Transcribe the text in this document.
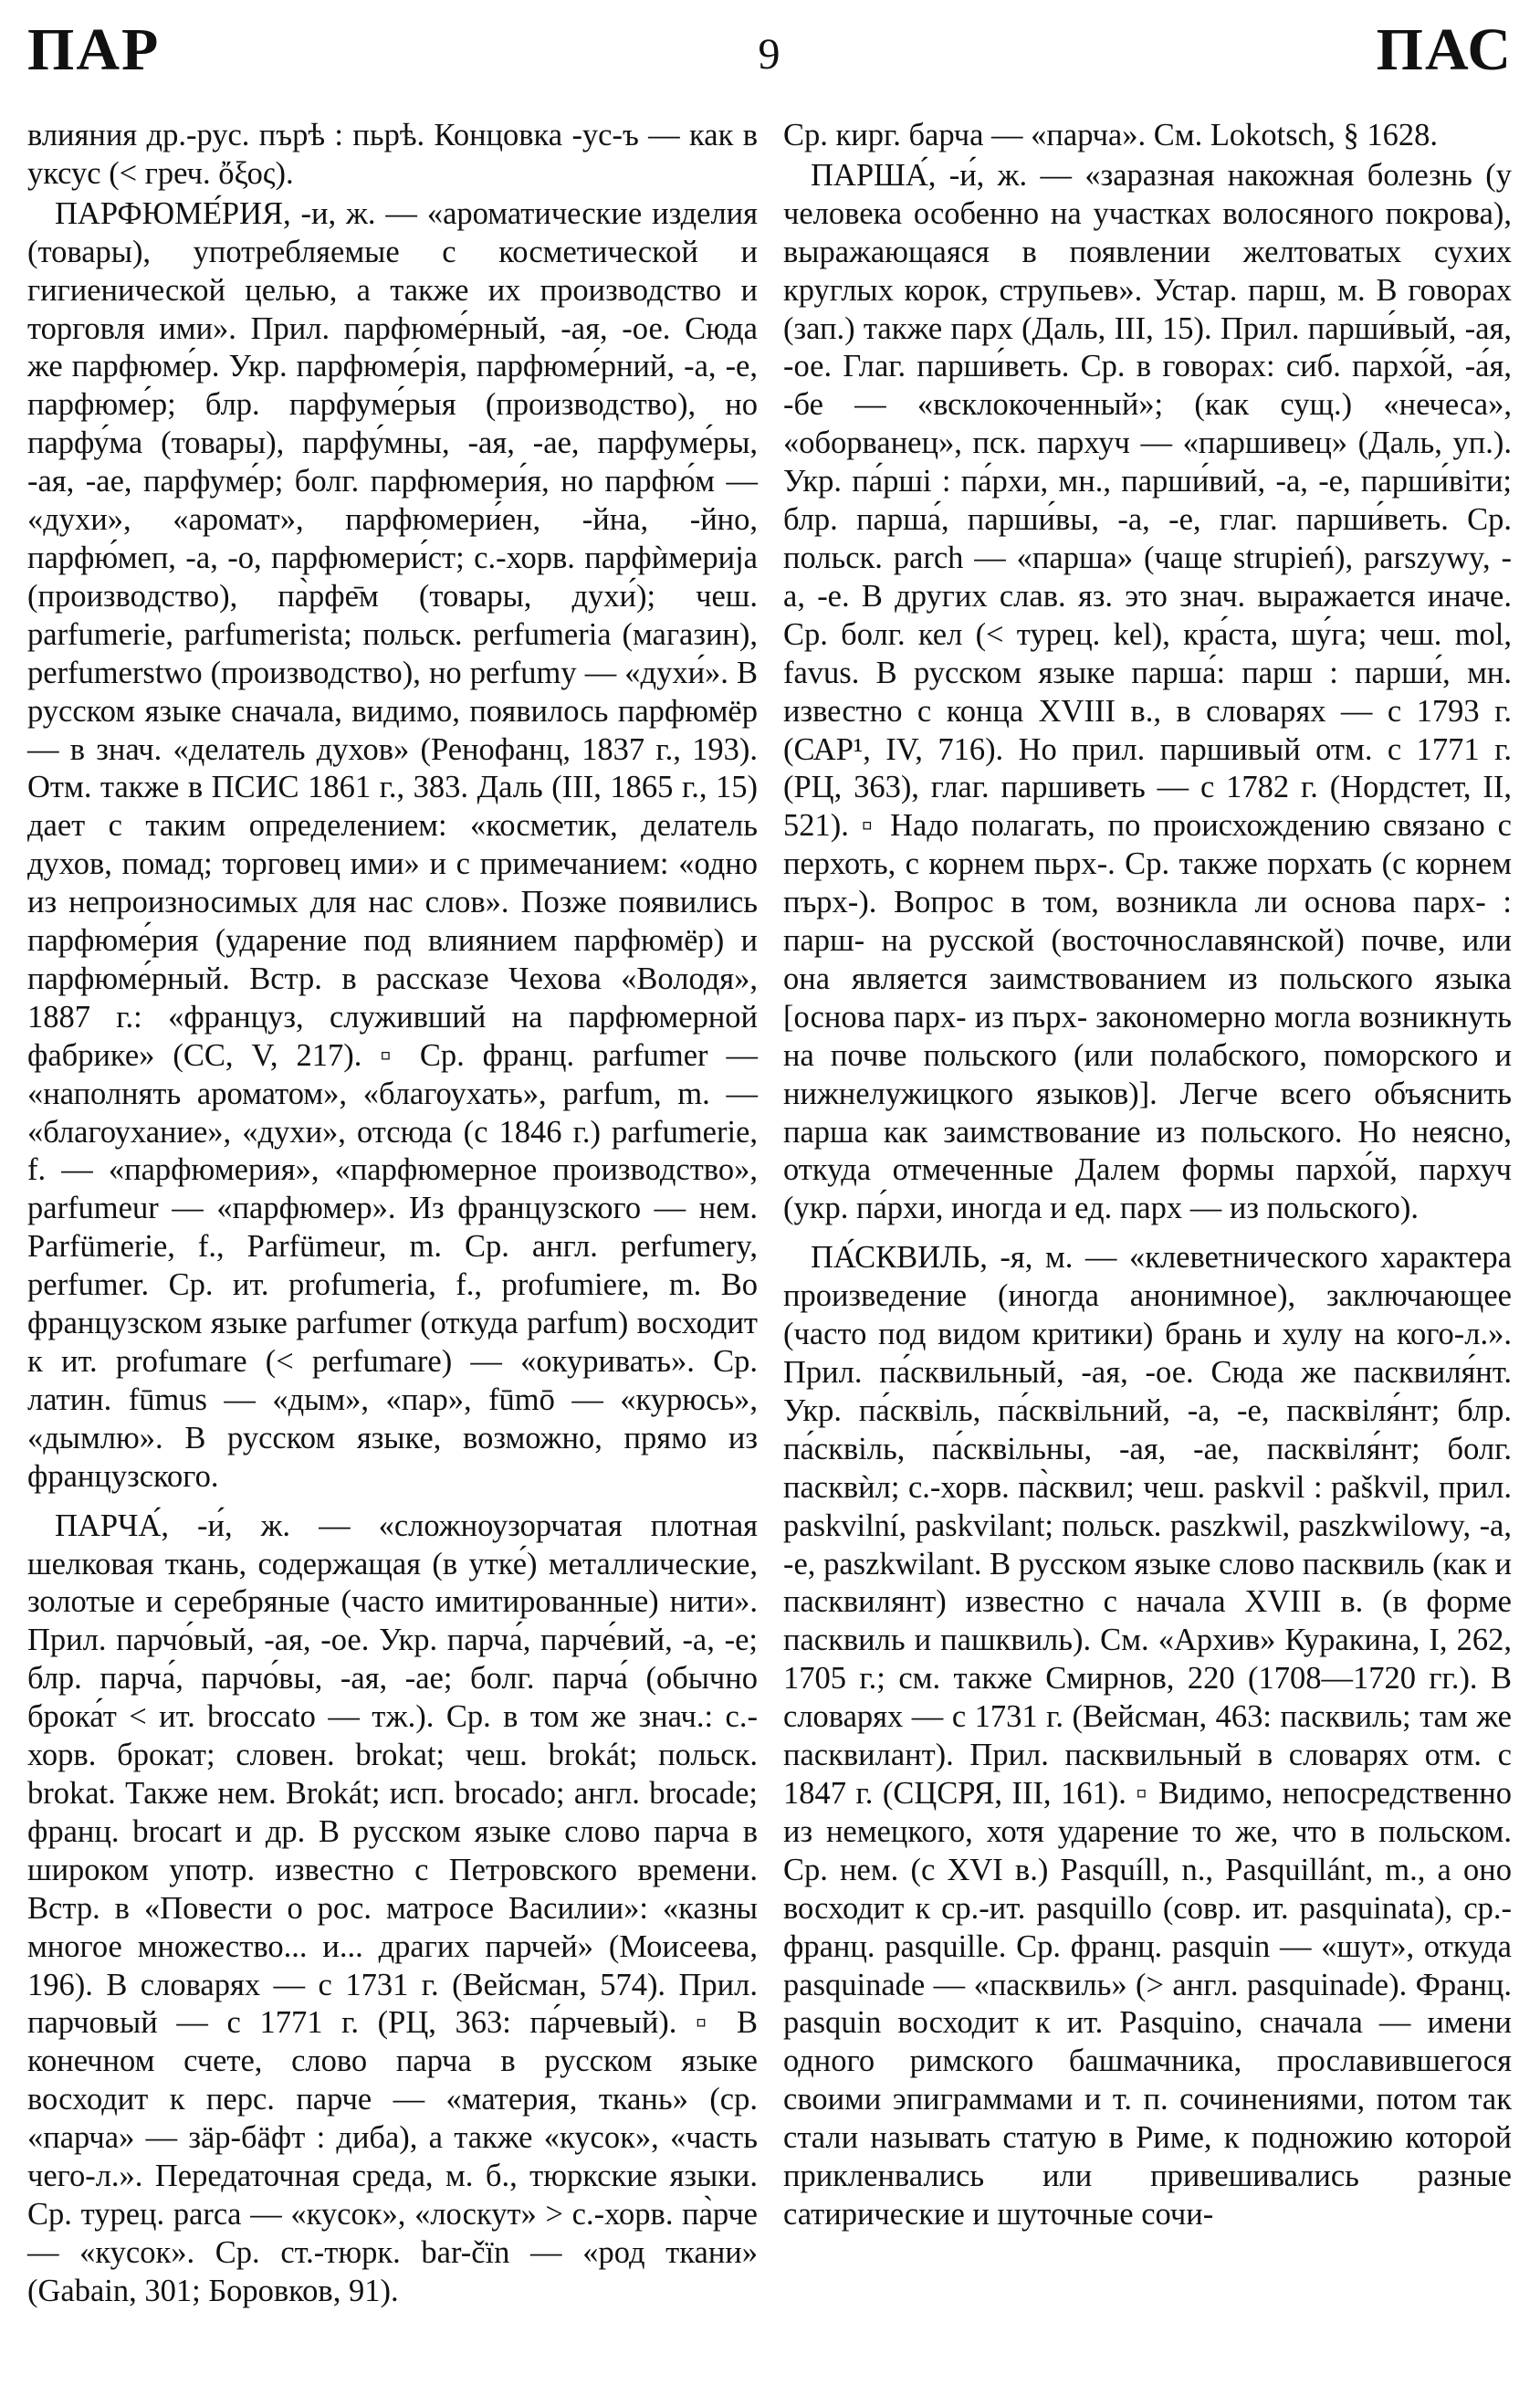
ПАР	9	ПАС

влияния др.-рус. пърѣ : пьрѣ. Концовка -ус-ъ — как в уксус (< греч. ὄξος).

ПАРФЮМЕ́РИЯ, -и, ж. — «ароматические изделия (товары), употребляемые с косметической и гигиенической целью, а также их производство и торговля ими». Прил. парфюме́рный, -ая, -ое. Сюда же парфюме́р. Укр. парфюме́рія, парфюме́рний, -а, -е, парфюме́р; блр. парфуме́рыя (производство), но парфу́ма (товары), парфу́мны, -ая, -ае, парфуме́ры, -ая, -ае, парфуме́р; болг. парфюмери́я, но парфю́м — «духи», «аромат», парфюмери́ен, -йна, -йно, парфю́меп, -а, -о, парфюмери́ст; с.-хорв. парфѝмерија (производство), па̀рфе̄м (товары, духи́); чеш. parfumerie, parfumerista; польск. perfumeria (магазин), perfumerstwo (производство), но perfumy — «духи́». В русском языке сначала, видимо, появилось парфюмёр — в знач. «делатель духов» (Ренофанц, 1837 г., 193). Отм. также в ПСИС 1861 г., 383. Даль (III, 1865 г., 15) дает с таким определением: «косметик, делатель духов, помад; торговец ими» и с примечанием: «одно из непроизносимых для нас слов». Позже появились парфюме́рия (ударение под влиянием парфюмёр) и парфюме́рный. Встр. в рассказе Чехова «Володя», 1887 г.: «француз, служивший на парфюмерной фабрике» (СС, V, 217). ▫ Ср. франц. parfumer — «наполнять ароматом», «благоухать», parfum, m. — «благоухание», «духи», отсюда (с 1846 г.) parfumerie, f. — «парфюмерия», «парфюмерное производство», parfumeur — «парфюмер». Из французского — нем. Parfümerie, f., Parfümeur, m. Ср. англ. perfumery, perfumer. Ср. ит. profumeria, f., profumiere, m. Во французском языке parfumer (откуда parfum) восходит к ит. profumare (< perfumare) — «окуривать». Ср. латин. fūmus — «дым», «пар», fūmō — «курюсь», «дымлю». В русском языке, возможно, прямо из французского.

ПАРЧА́, -и́, ж. — «сложноузорчатая плотная шелковая ткань, содержащая (в утке́) металлические, золотые и серебряные (часто имитированные) нити». Прил. парчо́вый, -ая, -ое. Укр. парча́, парче́вий, -а, -е; блр. парча́, парчо́вы, -ая, -ае; болг. парча́ (обычно брока́т < ит. broccato — тж.). Ср. в том же знач.: с.-хорв. брокат; словен. brokat; чеш. brokát; польск. brokat. Также нем. Brokát; исп. brocado; англ. brocade; франц. brocart и др. В русском языке слово парча в широком употр. известно с Петровского времени. Встр. в «Повести о рос. матросе Василии»: «казны многое множество... и... драгих парчей» (Моисеева, 196). В словарях — с 1731 г. (Вейсман, 574). Прил. парчовый — с 1771 г. (РЦ, 363: па́рчевый). ▫ В конечном счете, слово парча в русском языке восходит к перс. парче — «материя, ткань» (ср. «парча» — зäр-бäфт : диба), а также «кусок», «часть чего-л.». Передаточная среда, м. б., тюркские языки. Ср. турец. parca — «кусок», «лоскут» > с.-хорв. па̀рче — «кусок». Ср. ст.-тюрк. bar-čïn — «род ткани» (Gabain, 301; Боровков, 91).

Ср. кирг. барча — «парча». См. Lokotsch, § 1628.

ПАРША́, -и́, ж. — «заразная накожная болезнь (у человека особенно на участках волосяного покрова), выражающаяся в появлении желтоватых сухих круглых корок, струпьев». Устар. парш, м. В говорах (зап.) также парх (Даль, III, 15). Прил. парши́вый, -ая, -ое. Глаг. парши́веть. Ср. в говорах: сиб. пархо́й, -а́я, -бе — «всклокоченный»; (как сущ.) «нечеса», «оборванец», пск. пархуч — «паршивец» (Даль, уп.). Укр. па́рші : па́рхи, мн., парши́вий, -а, -е, парши́віти; блр. парша́, парши́вы, -а, -е, глаг. парши́веть. Ср. польск. parch — «парша» (чаще strupień), parszywy, -a, -e. В других слав. яз. это знач. выражается иначе. Ср. болг. кел (< турец. kel), кра́ста, шу́га; чеш. mol, favus. В русском языке парша́: парш : парши́, мн. известно с конца XVIII в., в словарях — с 1793 г. (САР¹, IV, 716). Но прил. паршивый отм. с 1771 г. (РЦ, 363), глаг. паршиветь — с 1782 г. (Нордстет, II, 521). ▫ Надо полагать, по происхождению связано с перхоть, с корнем пьрх-. Ср. также порхать (с корнем пърх-). Вопрос в том, возникла ли основа парх- : парш- на русской (восточнославянской) почве, или она является заимствованием из польского языка [основа парх- из пърх- закономерно могла возникнуть на почве польского (или полабского, поморского и нижнелужицкого языков)]. Легче всего объяснить парша как заимствование из польского. Но неясно, откуда отмеченные Далем формы пархо́й, пархуч (укр. па́рхи, иногда и ед. парх — из польского).

ПА́СКВИЛЬ, -я, м. — «клеветнического характера произведение (иногда анонимное), заключающее (часто под видом критики) брань и хулу на кого-л.». Прил. па́сквильный, -ая, -ое. Сюда же пасквиля́нт. Укр. па́сквіль, па́сквільний, -а, -е, пасквіля́нт; блр. па́сквіль, па́сквільны, -ая, -ае, пасквіля́нт; болг. пасквѝл; с.-хорв. па̀сквил; чеш. paskvil : paškvil, прил. paskvilní, paskvilant; польск. paszkwil, paszkwilowy, -a, -e, paszkwilant. В русском языке слово пасквиль (как и пасквилянт) известно с начала XVIII в. (в форме пасквиль и пашквиль). См. «Архив» Куракина, I, 262, 1705 г.; см. также Смирнов, 220 (1708—1720 гг.). В словарях — с 1731 г. (Вейсман, 463: пасквиль; там же пасквилант). Прил. пасквильный в словарях отм. с 1847 г. (СЦСРЯ, III, 161). ▫ Видимо, непосредственно из немецкого, хотя ударение то же, что в польском. Ср. нем. (с XVI в.) Pasquíll, n., Pasquillánt, m., а оно восходит к ср.-ит. pasquillo (совр. ит. pasquinata), ср.-франц. pasquille. Ср. франц. pasquin — «шут», откуда pasquinade — «пасквиль» (> англ. pasquinade). Франц. pasquin восходит к ит. Pasquino, сначала — имени одного римского башмачника, прославившегося своими эпиграммами и т. п. сочинениями, потом так стали называть статую в Риме, к подножию которой прикленвались или привешивались разные сатирические и шуточные сочи-
